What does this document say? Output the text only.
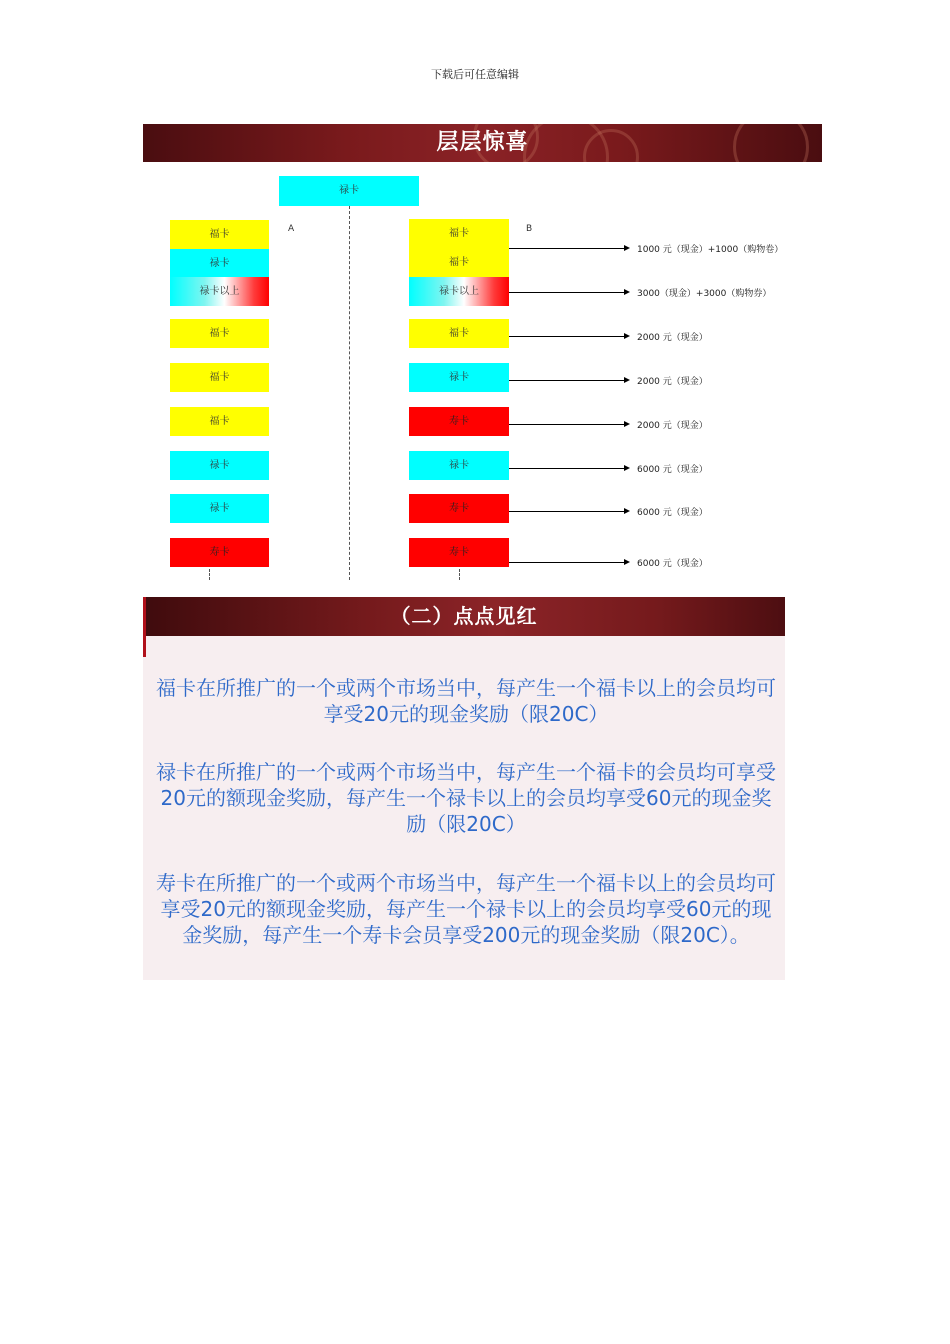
下载后可任意编辑
层层惊喜
禄卡
A	B
福卡
禄卡
禄卡以上
福卡
福卡
福卡
禄卡
禄卡
寿卡
福卡
福卡
禄卡以上
福卡
禄卡
寿卡
禄卡
寿卡
寿卡
1000 元（现金）+1000（购物卷）
3000（现金）+3000（购物券）
2000 元（现金）
2000 元（现金）
2000 元（现金）
6000 元（现金）
6000 元（现金）
6000 元（现金）
（二）点点见红
福卡在所推广的一个或两个市场当中，每产生一个福卡以上的会员均可享受20元的现金奖励（限20C）
禄卡在所推广的一个或两个市场当中，每产生一个福卡的会员均可享受20元的额现金奖励，每产生一个禄卡以上的会员均享受60元的现金奖励（限20C）
寿卡在所推广的一个或两个市场当中，每产生一个福卡以上的会员均可享受20元的额现金奖励，每产生一个禄卡以上的会员均享受60元的现金奖励，每产生一个寿卡会员享受200元的现金奖励（限20C）。
